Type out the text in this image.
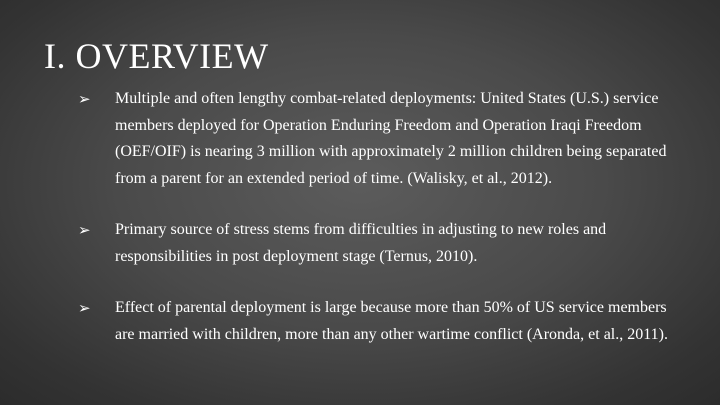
I. OVERVIEW
➢ Multiple and often lengthy combat-related deployments: United States (U.S.) service members deployed for Operation Enduring Freedom and Operation Iraqi Freedom (OEF/OIF) is nearing 3 million with approximately 2 million children being separated from a parent for an extended period of time. (Walisky, et al., 2012).
➢ Primary source of stress stems from difficulties in adjusting to new roles and responsibilities in post deployment stage (Ternus, 2010).
➢ Effect of parental deployment is large because more than 50% of US service members are married with children, more than any other wartime conflict (Aronda, et al., 2011).
